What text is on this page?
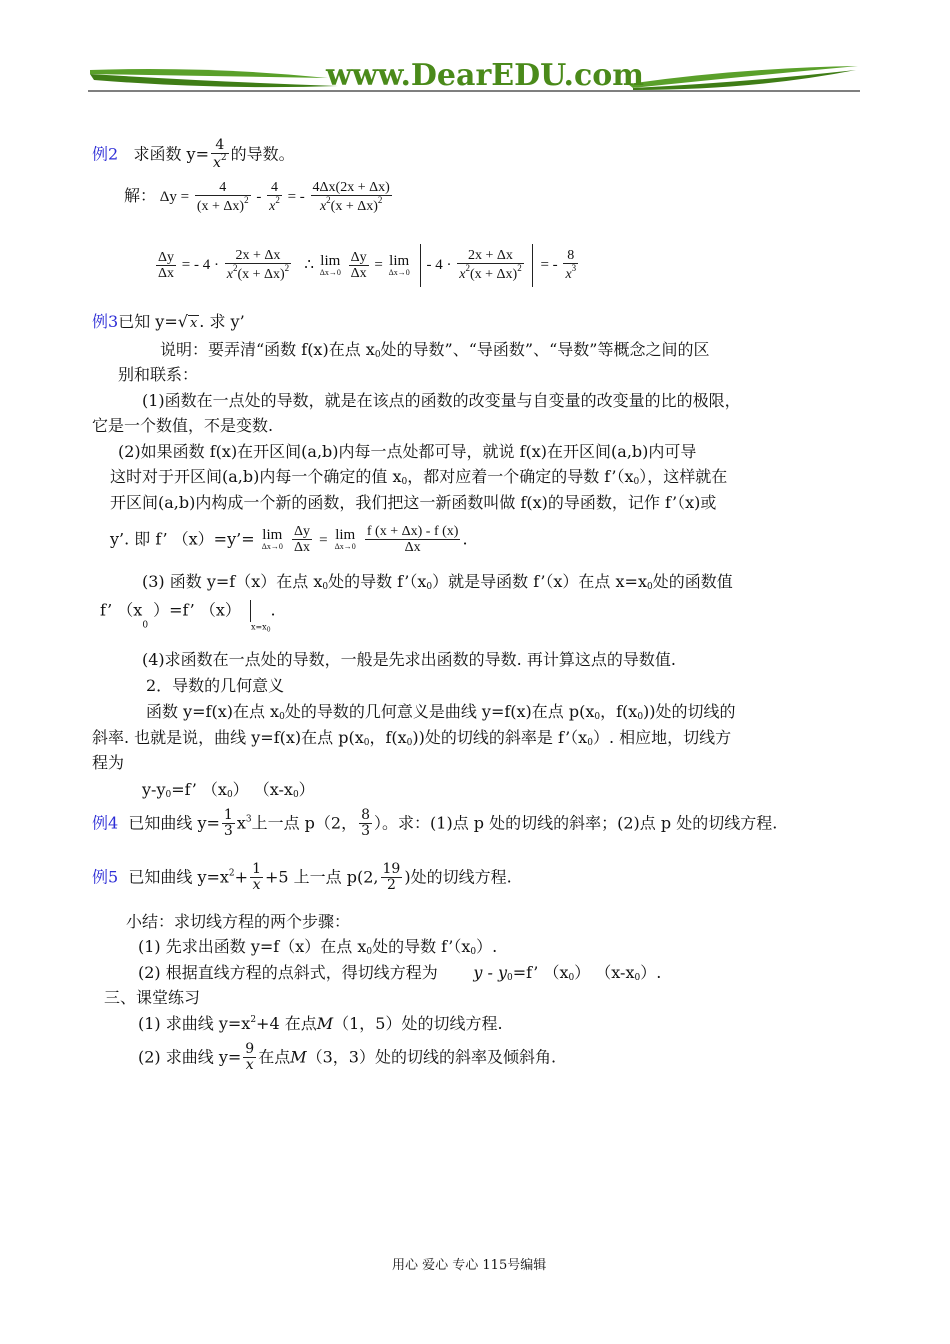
www.DearEDU.com
例2 求函数 $y= \frac{4}{x^2}$ 的导数。
解： $\Delta y = \frac{4}{(x + \Delta x)^2} - \frac{4}{x^2}$ = - $\frac{4\Delta x(2x + \Delta x)}{x^2(x + \Delta x)^2}$
$\frac{\Delta y}{\Delta x}$ = - $4 \cdot \frac{2x + \Delta x}{x^2(x + \Delta x)^2}$ ∴ lim
Δx→0
$\frac{\Delta y}{\Delta x} = \lim$
$\Delta x\to 0 - 4 \cdot \frac{2x + \Delta x}{x^2(x + \Delta x)^2}$ = - $\frac{8}{x^3}$
例3已知 y=√ x . 求 y’
说明：要弄清“函数 f(x)在点 $x_0$处的导数”、“导函数”、“导数”等概念之间的区
别和联系：
(1)函数在一点处的导数，就是在该点的函数的改变量与自变量的改变量的比的极限，
它是一个数值，不是变数.
(2)如果函数 f(x)在开区间(a,b)内每一点处都可导，就说 f(x)在开区间(a,b)内可导
这时对于开区间(a,b)内每一个确定的值 $x_0$，都对应着一个确定的导数 $f’(x_0)$，这样就在
开区间(a,b)内构成一个新的函数，我们把这一新函数叫做 f(x)的导函数，记作 f’（x)或
y’. 即 f’ （x）=y’= lim
Δx→0
$\frac{\Delta y}{\Delta x} = \lim$
Δx→0
$\frac{f (x + \Delta x) - f (x)}{\Delta x}$ .
(3) 函数 y=f（x）在点 $x_0$处的导数 $f’(x_0)$就是导函数 f’（x）在点 $x=x_0$处的函数值
f’ （$x_0$ ）=f’ （x） $_{x=x0}$.
(4)求函数在一点处的导数，一般是先求出函数的导数. 再计算这点的导数值.
2．导数的几何意义
函数 y=f(x)在点 $x_0$处的导数的几何意义是曲线 y=f(x)在点 $p(x_0$，$f(x_0)$)处的切线的
斜率. 也就是说，曲线 y=f(x)在点 $p(x_0$，$f(x_0)$)处的切线的斜率是 $f’(x_0)$. 相应地，切线方
程为
$y-y_0=f$’ $(x_0)$ $(x-x_0)$
例4 已知曲线 $y= \frac{1}{3} x^3$上一点 p（2， $\frac{8}{3}$ ）。求：(1)点 p 处的切线的斜率；(2)点 p 处的切线方程.
例5 已知曲线 $y=x^2+ \frac{1}{x} +5$ 上一点 p(2, $\frac{19}{2}$ )处的切线方程.
小结：求切线方程的两个步骤：
(1) 先求出函数 y=f（x）在点 $x_0$处的导数 $f’(x_0)$.
(2) 根据直线方程的点斜式，得切线方程为 $y - y_0=f$’ $(x_0)$ $(x-x_0)$.
三、课堂练习
(1) 求曲线 $y=x^2+4$ 在点M（1，5）处的切线方程.
(2) 求曲线 $y= \frac{9}{x}$ 在点M（3，3）处的切线的斜率及倾斜角.
用心 爱心 专心 115号编辑
